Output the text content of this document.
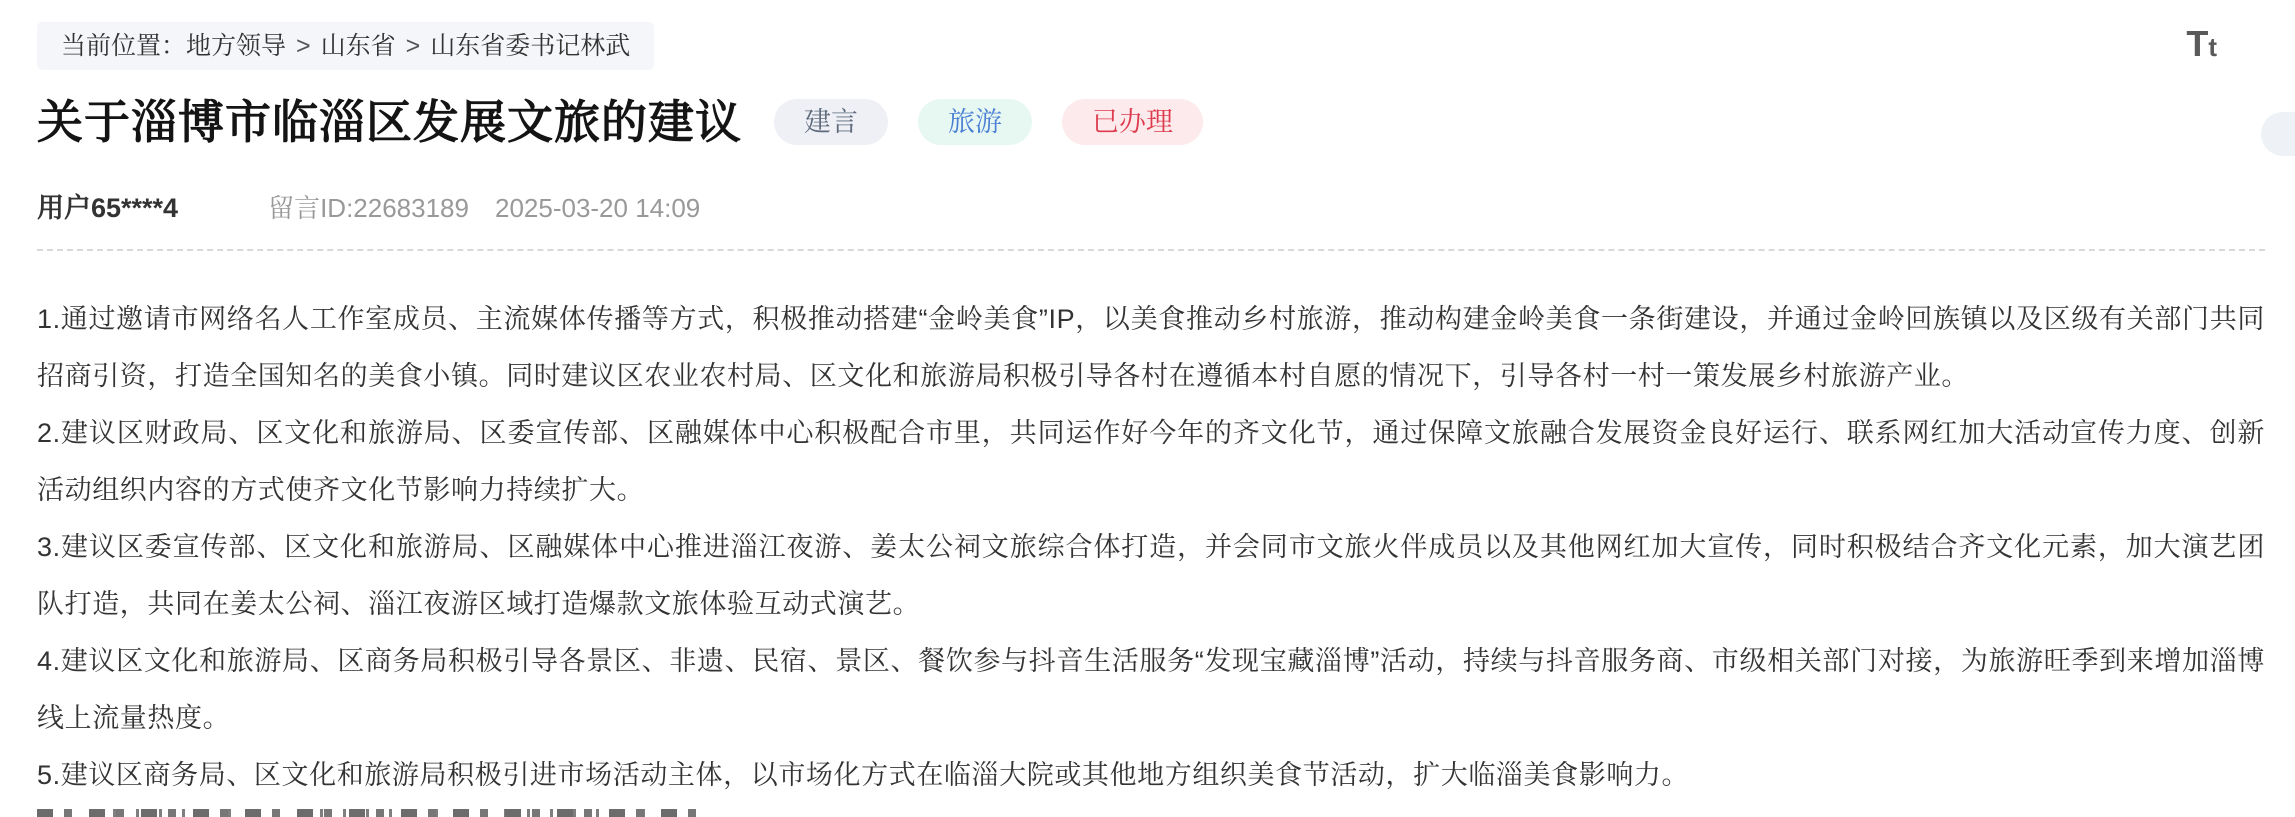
当前位置：地方领导 > 山东省 > 山东省委书记林武	Tt
关于淄博市临淄区发展文旅的建议	建言	旅游	已办理
用户65****4	留言ID:22683189 2025-03-20 14:09

1.通过邀请市网络名人工作室成员、主流媒体传播等方式，积极推动搭建“金岭美食”IP，以美食推动乡村旅游，推动构建金岭美食一条街建设，并通过金岭回族镇以及区级有关部门共同招商引资，打造全国知名的美食小镇。同时建议区农业农村局、区文化和旅游局积极引导各村在遵循本村自愿的情况下，引导各村一村一策发展乡村旅游产业。

2.建议区财政局、区文化和旅游局、区委宣传部、区融媒体中心积极配合市里，共同运作好今年的齐文化节，通过保障文旅融合发展资金良好运行、联系网红加大活动宣传力度、创新活动组织内容的方式使齐文化节影响力持续扩大。

3.建议区委宣传部、区文化和旅游局、区融媒体中心推进淄江夜游、姜太公祠文旅综合体打造，并会同市文旅火伴成员以及其他网红加大宣传，同时积极结合齐文化元素，加大演艺团队打造，共同在姜太公祠、淄江夜游区域打造爆款文旅体验互动式演艺。

4.建议区文化和旅游局、区商务局积极引导各景区、非遗、民宿、景区、餐饮参与抖音生活服务“发现宝藏淄博”活动，持续与抖音服务商、市级相关部门对接，为旅游旺季到来增加淄博线上流量热度。

5.建议区商务局、区文化和旅游局积极引进市场活动主体，以市场化方式在临淄大院或其他地方组织美食节活动，扩大临淄美食影响力。
